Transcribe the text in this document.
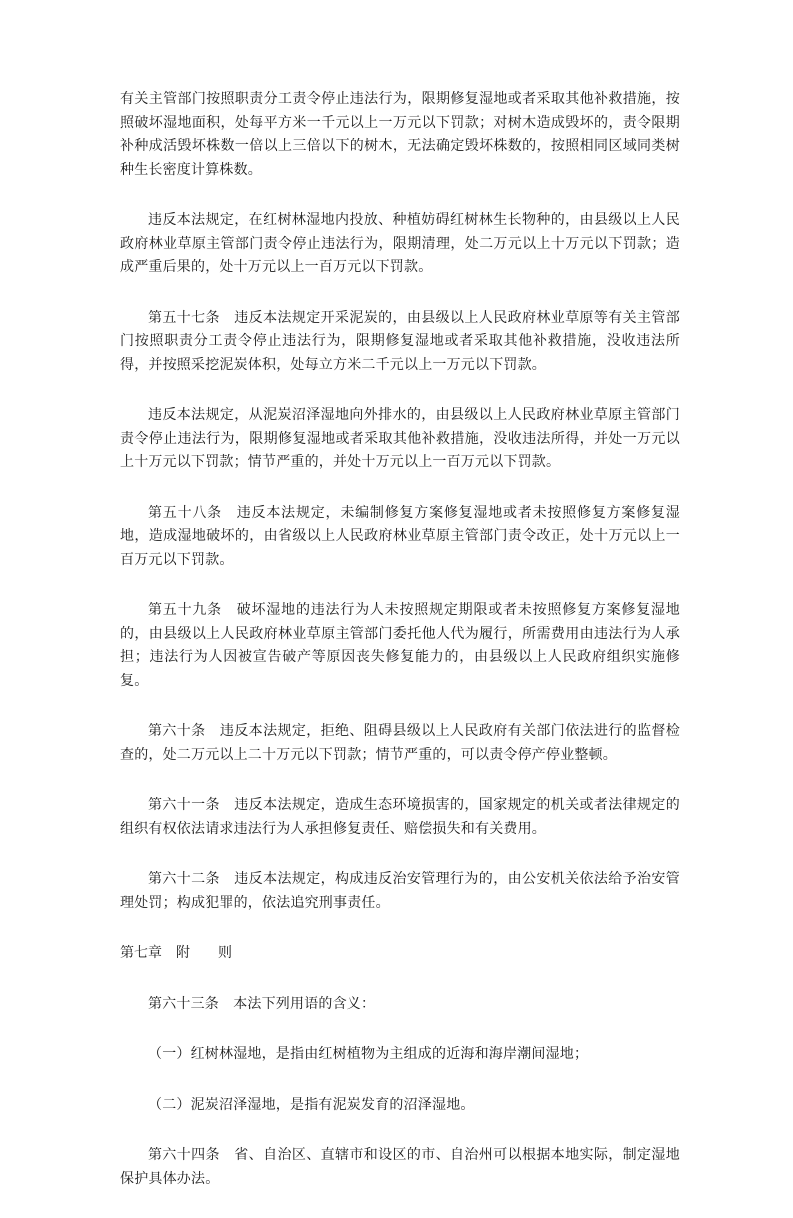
有关主管部门按照职责分工责令停止违法行为，限期修复湿地或者采取其他补救措施，按照破坏湿地面积，处每平方米一千元以上一万元以下罚款；对树木造成毁坏的，责令限期补种成活毁坏株数一倍以上三倍以下的树木，无法确定毁坏株数的，按照相同区域同类树种生长密度计算株数。

违反本法规定，在红树林湿地内投放、种植妨碍红树林生长物种的，由县级以上人民政府林业草原主管部门责令停止违法行为，限期清理，处二万元以上十万元以下罚款；造成严重后果的，处十万元以上一百万元以下罚款。

第五十七条　违反本法规定开采泥炭的，由县级以上人民政府林业草原等有关主管部门按照职责分工责令停止违法行为，限期修复湿地或者采取其他补救措施，没收违法所得，并按照采挖泥炭体积，处每立方米二千元以上一万元以下罚款。

违反本法规定，从泥炭沼泽湿地向外排水的，由县级以上人民政府林业草原主管部门责令停止违法行为，限期修复湿地或者采取其他补救措施，没收违法所得，并处一万元以上十万元以下罚款；情节严重的，并处十万元以上一百万元以下罚款。

第五十八条　违反本法规定，未编制修复方案修复湿地或者未按照修复方案修复湿地，造成湿地破坏的，由省级以上人民政府林业草原主管部门责令改正，处十万元以上一百万元以下罚款。

第五十九条　破坏湿地的违法行为人未按照规定期限或者未按照修复方案修复湿地的，由县级以上人民政府林业草原主管部门委托他人代为履行，所需费用由违法行为人承担；违法行为人因被宣告破产等原因丧失修复能力的，由县级以上人民政府组织实施修复。

第六十条　违反本法规定，拒绝、阻碍县级以上人民政府有关部门依法进行的监督检查的，处二万元以上二十万元以下罚款；情节严重的，可以责令停产停业整顿。

第六十一条　违反本法规定，造成生态环境损害的，国家规定的机关或者法律规定的组织有权依法请求违法行为人承担修复责任、赔偿损失和有关费用。

第六十二条　违反本法规定，构成违反治安管理行为的，由公安机关依法给予治安管理处罚；构成犯罪的，依法追究刑事责任。

第七章　附　　则

第六十三条　本法下列用语的含义：

（一）红树林湿地，是指由红树植物为主组成的近海和海岸潮间湿地；

（二）泥炭沼泽湿地，是指有泥炭发育的沼泽湿地。

第六十四条　省、自治区、直辖市和设区的市、自治州可以根据本地实际，制定湿地保护具体办法。
